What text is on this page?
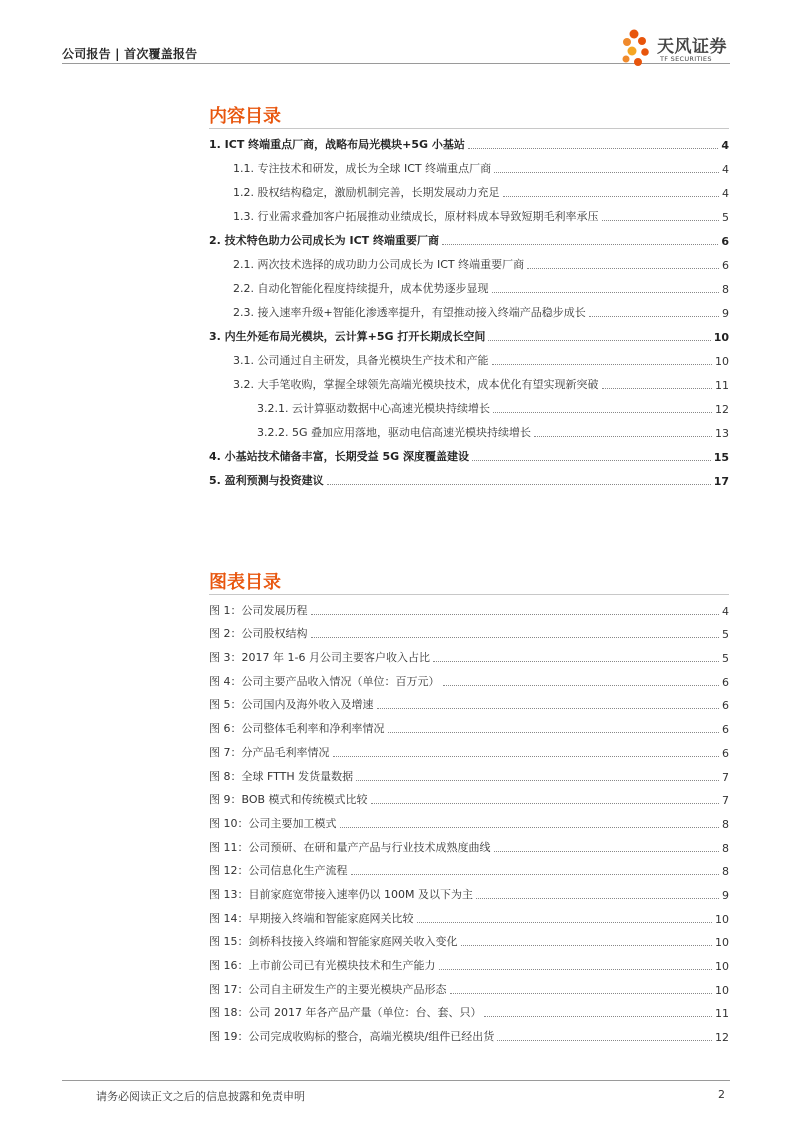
公司报告 | 首次覆盖报告	天风证券
TF SECURITIES
内容目录
1. ICT 终端重点厂商，战略布局光模块+5G 小基站	4
1.1. 专注技术和研发，成长为全球 ICT 终端重点厂商	4
1.2. 股权结构稳定，激励机制完善，长期发展动力充足	4
1.3. 行业需求叠加客户拓展推动业绩成长，原材料成本导致短期毛利率承压	5
2. 技术特色助力公司成长为 ICT 终端重要厂商	6
2.1. 两次技术选择的成功助力公司成长为 ICT 终端重要厂商	6
2.2. 自动化智能化程度持续提升，成本优势逐步显现	8
2.3. 接入速率升级+智能化渗透率提升，有望推动接入终端产品稳步成长	9
3. 内生外延布局光模块，云计算+5G 打开长期成长空间	10
3.1. 公司通过自主研发，具备光模块生产技术和产能	10
3.2. 大手笔收购，掌握全球领先高端光模块技术，成本优化有望实现新突破	11
3.2.1. 云计算驱动数据中心高速光模块持续增长	12
3.2.2. 5G 叠加应用落地，驱动电信高速光模块持续增长	13
4. 小基站技术储备丰富，长期受益 5G 深度覆盖建设	15
5. 盈利预测与投资建议	17
图表目录
图 1：公司发展历程	4
图 2：公司股权结构	5
图 3：2017 年 1-6 月公司主要客户收入占比	5
图 4：公司主要产品收入情况（单位：百万元）	6
图 5：公司国内及海外收入及增速	6
图 6：公司整体毛利率和净利率情况	6
图 7：分产品毛利率情况	6
图 8：全球 FTTH 发货量数据	7
图 9：BOB 模式和传统模式比较	7
图 10：公司主要加工模式	8
图 11：公司预研、在研和量产产品与行业技术成熟度曲线	8
图 12：公司信息化生产流程	8
图 13：目前家庭宽带接入速率仍以 100M 及以下为主	9
图 14：早期接入终端和智能家庭网关比较	10
图 15：剑桥科技接入终端和智能家庭网关收入变化	10
图 16：上市前公司已有光模块技术和生产能力	10
图 17：公司自主研发生产的主要光模块产品形态	10
图 18：公司 2017 年各产品产量（单位：台、套、只）	11
图 19：公司完成收购标的整合，高端光模块/组件已经出货	12
请务必阅读正文之后的信息披露和免责申明	2
